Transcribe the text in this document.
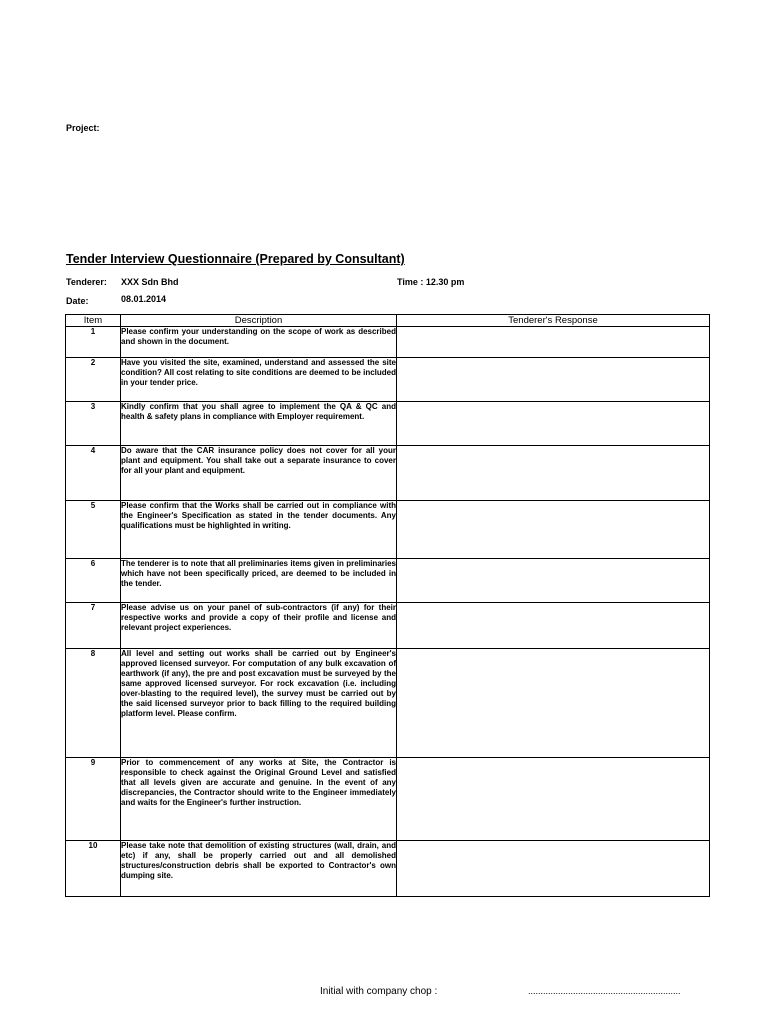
Project:
Tender Interview Questionnaire (Prepared by Consultant)
Tenderer: XXX Sdn Bhd	Time : 12.30 pm
Date:	08.01.2014
Item	Description	Tenderer's Response
1	Please confirm your understanding on the scope of work as described and shown in the document.	
2	Have you visited the site, examined, understand and assessed the site condition? All cost relating to site conditions are deemed to be included in your tender price.	
3	Kindly confirm that you shall agree to implement the QA & QC and health & safety plans in compliance with Employer requirement.	
4	Do aware that the CAR insurance policy does not cover for all your plant and equipment. You shall take out a separate insurance to cover for all your plant and equipment.	
5	Please confirm that the Works shall be carried out in compliance with the Engineer's Specification as stated in the tender documents. Any qualifications must be highlighted in writing.	
6	The tenderer is to note that all preliminaries items given in preliminaries which have not been specifically priced, are deemed to be included in the tender.	
7	Please advise us on your panel of sub-contractors (if any) for their respective works and provide a copy of their profile and license and relevant project experiences.	
8	All level and setting out works shall be carried out by Engineer's approved licensed surveyor. For computation of any bulk excavation of earthwork (if any), the pre and post excavation must be surveyed by the same approved licensed surveyor. For rock excavation (i.e. including over-blasting to the required level), the survey must be carried out by the said licensed surveyor prior to back filling to the required building platform level. Please confirm.	
9	Prior to commencement of any works at Site, the Contractor is responsible to check against the Original Ground Level and satisfied that all levels given are accurate and genuine. In the event of any discrepancies, the Contractor should write to the Engineer immediately and waits for the Engineer's further instruction.	
10	Please take note that demolition of existing structures (wall, drain, and etc) if any, shall be properly carried out and all demolished structures/construction debris shall be exported to Contractor's own dumping site.	
Initial with company chop :	.............................................................
